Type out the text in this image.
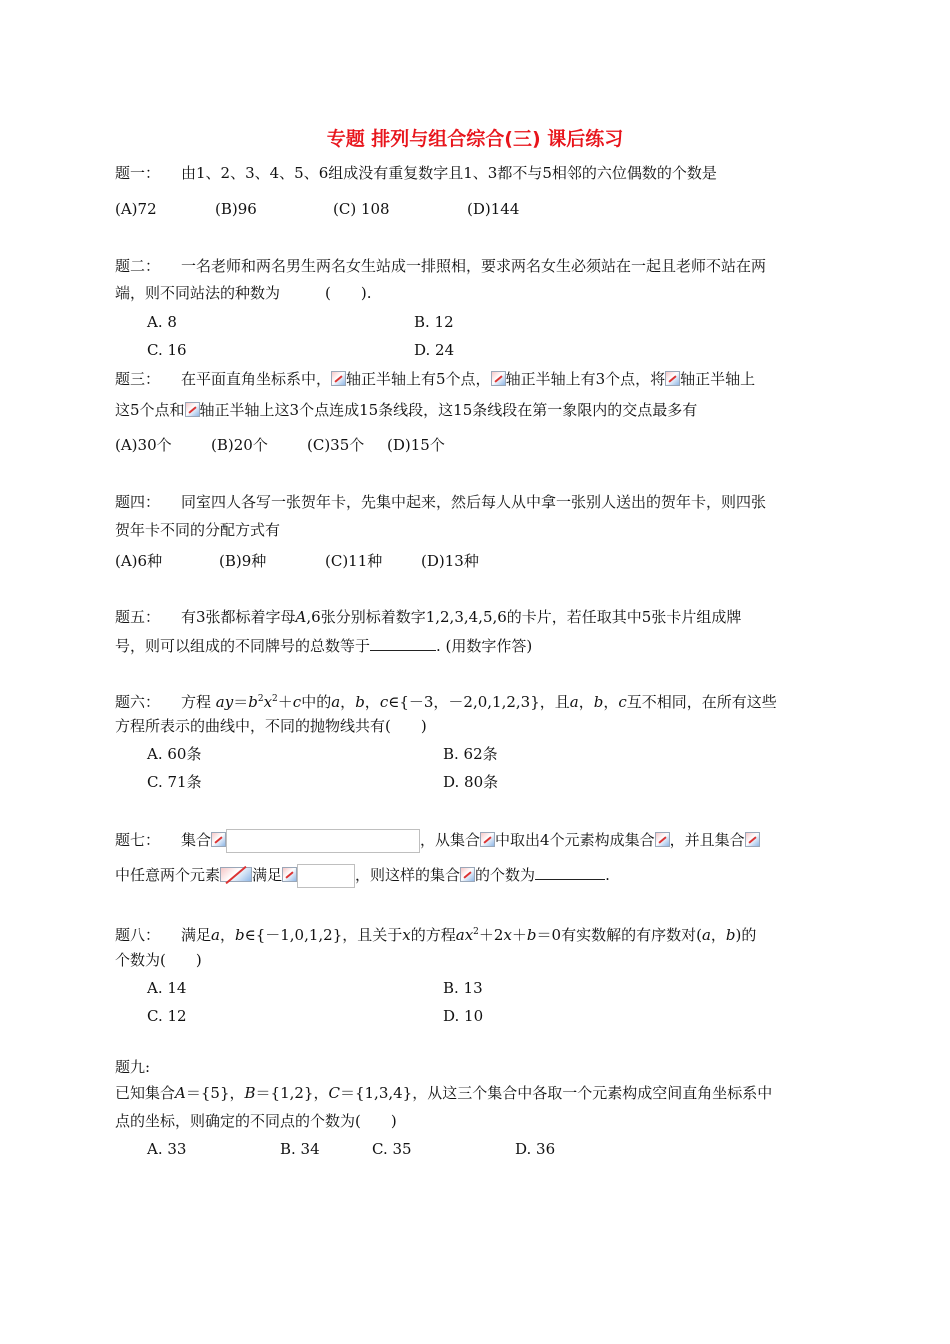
专题 排列与组合综合(三) 课后练习
题一： 由1、2、3、4、5、6组成没有重复数字且1、3都不与5相邻的六位偶数的个数是
(A)72	(B)96	(C) 108	(D)144
题二： 一名老师和两名男生两名女生站成一排照相，要求两名女生必须站在一起且老师不站在两
端，则不同站法的种数为　　　(　　).
A. 8	B. 12
C. 16	D. 24
题三： 在平面直角坐标系中， 轴正半轴上有5个点， 轴正半轴上有3个点，将 轴正半轴上
这5个点和 轴正半轴上这3个点连成15条线段，这15条线段在第一象限内的交点最多有
(A)30个	(B)20个	(C)35个 (D)15个
题四： 同室四人各写一张贺年卡，先集中起来，然后每人从中拿一张别人送出的贺年卡，则四张
贺年卡不同的分配方式有
(A)6种	(B)9种	(C)11种	(D)13种
题五： 有3张都标着字母A,6张分别标着数字1,2,3,4,5,6的卡片，若任取其中5张卡片组成牌
号，则可以组成的不同牌号的总数等于	. (用数字作答)
题六： 方程 $ay=b^2x^2+c$中的a，b，c∈{－3，－2,0,1,2,3}，且a，b，c互不相同，在所有这些
方程所表示的曲线中，不同的抛物线共有(　　)
A. 60条	B. 62条
C. 71条	D. 80条
题七： 集合	，从集合 中取出4个元素构成集合 ，并且集合
中任意两个元素 满足	，则这样的集合 的个数为	.
题八： 满足a，b∈{－1,0,1,2}，且关于x的方程$ax^2+2x+b=0$有实数解的有序数对(a，b)的
个数为(　　)
A. 14	B. 13
C. 12	D. 10
题九:
已知集合A＝{5}，B＝{1,2}，C＝{1,3,4}，从这三个集合中各取一个元素构成空间直角坐标系中
点的坐标，则确定的不同点的个数为(　　)
A. 33	B. 34	C. 35	D. 36
